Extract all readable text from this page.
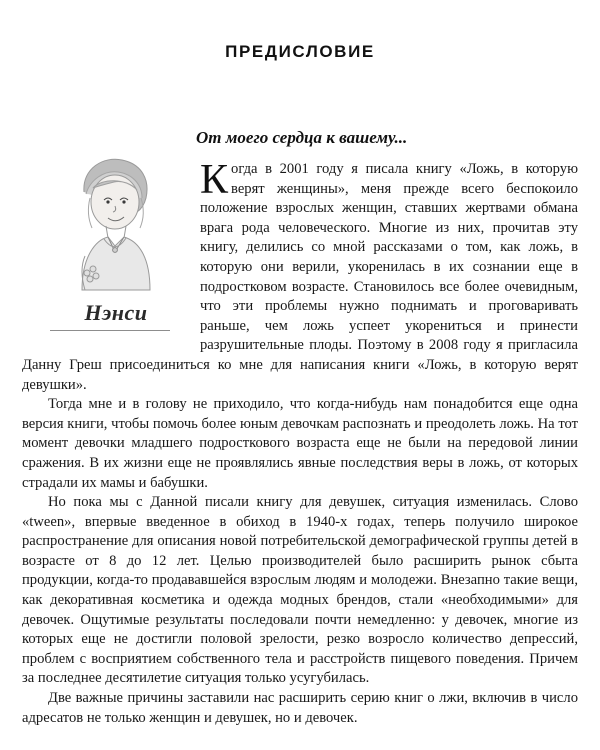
ПРЕДИСЛОВИЕ
От моего сердца к вашему...
Нэнси

Когда в 2001 году я писала книгу «Ложь, в которую верят женщины», меня прежде всего беспокоило положение взрослых женщин, ставших жертвами обмана врага рода человеческого. Многие из них, прочитав эту книгу, делились со мной рассказами о том, как ложь, в которую они верили, укоренилась в их сознании еще в подростковом возрасте. Становилось все более очевидным, что эти проблемы нужно поднимать и проговаривать раньше, чем ложь успеет укорениться и принести разрушительные плоды. Поэтому в 2008 году я пригласила Данну Греш присоединиться ко мне для написания книги «Ложь, в которую верят девушки».

Тогда мне и в голову не приходило, что когда-нибудь нам понадобится еще одна версия книги, чтобы помочь более юным девочкам распознать и преодолеть ложь. На тот момент девочки младшего подросткового возраста еще не были на передовой линии сражения. В их жизни еще не проявлялись явные последствия веры в ложь, от которых страдали их мамы и бабушки.

Но пока мы с Данной писали книгу для девушек, ситуация изменилась. Слово «tween», впервые введенное в обиход в 1940-х годах, теперь получило широкое распространение для описания новой потребительской демографической группы детей в возрасте от 8 до 12 лет. Целью производителей было расширить рынок сбыта продукции, когда-то продававшейся взрослым людям и молодежи. Внезапно такие вещи, как декоративная косметика и одежда модных брендов, стали «необходимыми» для девочек. Ощутимые результаты последовали почти немедленно: у девочек, многие из которых еще не достигли половой зрелости, резко возросло количество депрессий, проблем с восприятием собственного тела и расстройств пищевого поведения. Причем за последнее десятилетие ситуация только усугубилась.

Две важные причины заставили нас расширить серию книг о лжи, включив в число адресатов не только женщин и девушек, но и девочек.
